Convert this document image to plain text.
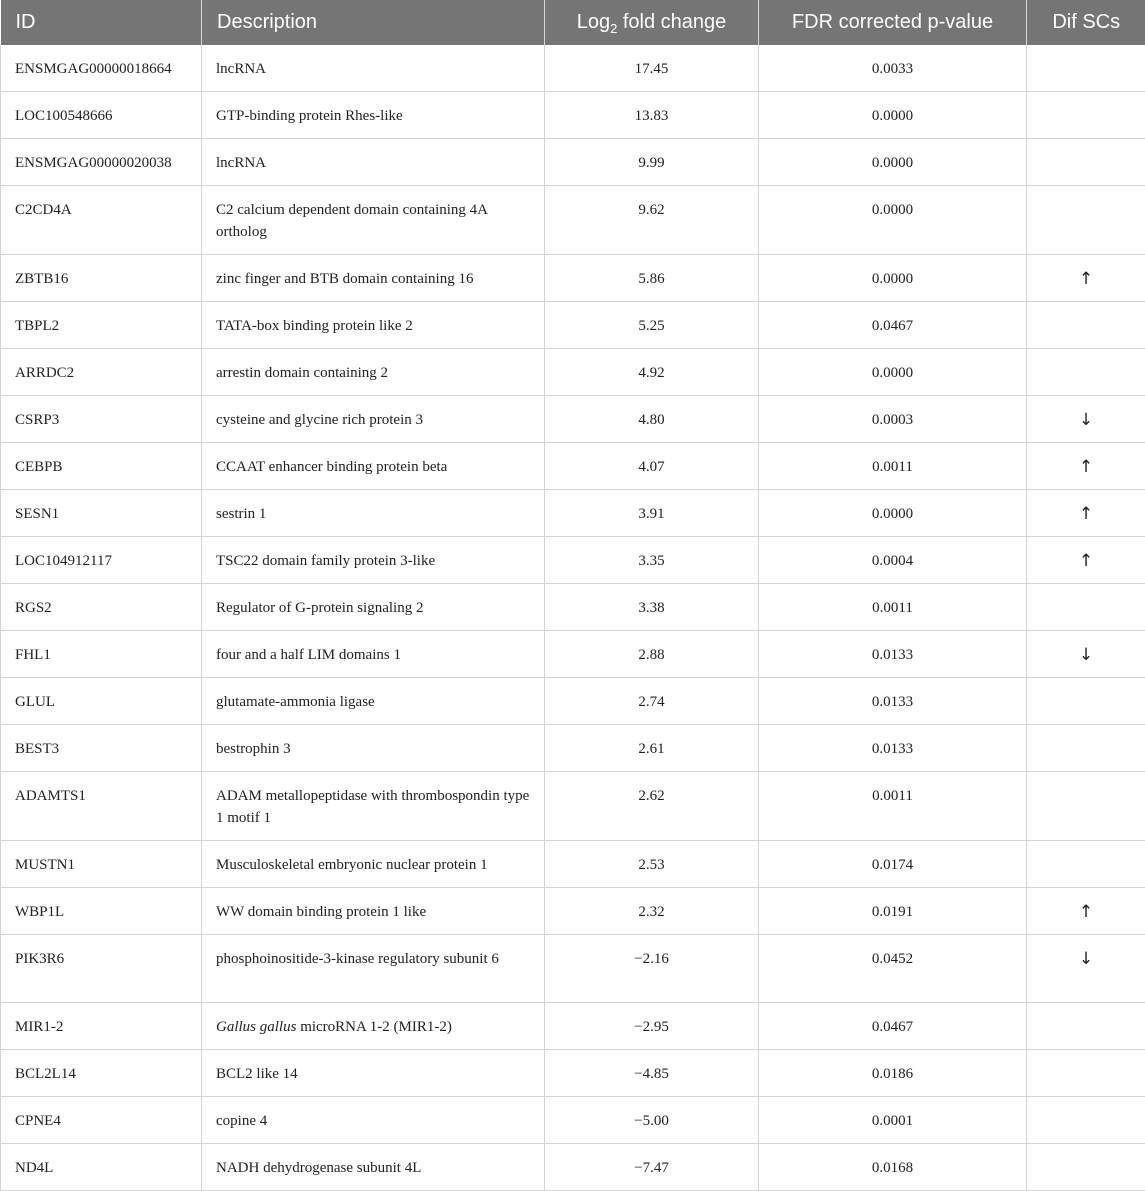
ID	Description	Log$_2$ fold change	FDR corrected p-value	Dif SCs
ENSMGAG00000018664	lncRNA	17.45	0.0033	
LOC100548666	GTP-binding protein Rhes-like	13.83	0.0000	
ENSMGAG00000020038	lncRNA	9.99	0.0000	
C2CD4A	C2 calcium dependent domain containing 4A ortholog	9.62	0.0000	
ZBTB16	zinc finger and BTB domain containing 16	5.86	0.0000	↑
TBPL2	TATA-box binding protein like 2	5.25	0.0467	
ARRDC2	arrestin domain containing 2	4.92	0.0000	
CSRP3	cysteine and glycine rich protein 3	4.80	0.0003	↓
CEBPB	CCAAT enhancer binding protein beta	4.07	0.0011	↑
SESN1	sestrin 1	3.91	0.0000	↑
LOC104912117	TSC22 domain family protein 3-like	3.35	0.0004	↑
RGS2	Regulator of G-protein signaling 2	3.38	0.0011	
FHL1	four and a half LIM domains 1	2.88	0.0133	↓
GLUL	glutamate-ammonia ligase	2.74	0.0133	
BEST3	bestrophin 3	2.61	0.0133	
ADAMTS1	ADAM metallopeptidase with thrombospondin type 1 motif 1	2.62	0.0011	
MUSTN1	Musculoskeletal embryonic nuclear protein 1	2.53	0.0174	
WBP1L	WW domain binding protein 1 like	2.32	0.0191	↑
PIK3R6	phosphoinositide-3-kinase regulatory subunit 6	−2.16	0.0452	↓
MIR1-2	Gallus gallus microRNA 1-2 (MIR1-2)	−2.95	0.0467	
BCL2L14	BCL2 like 14	−4.85	0.0186	
CPNE4	copine 4	−5.00	0.0001	
ND4L	NADH dehydrogenase subunit 4L	−7.47	0.0168	
